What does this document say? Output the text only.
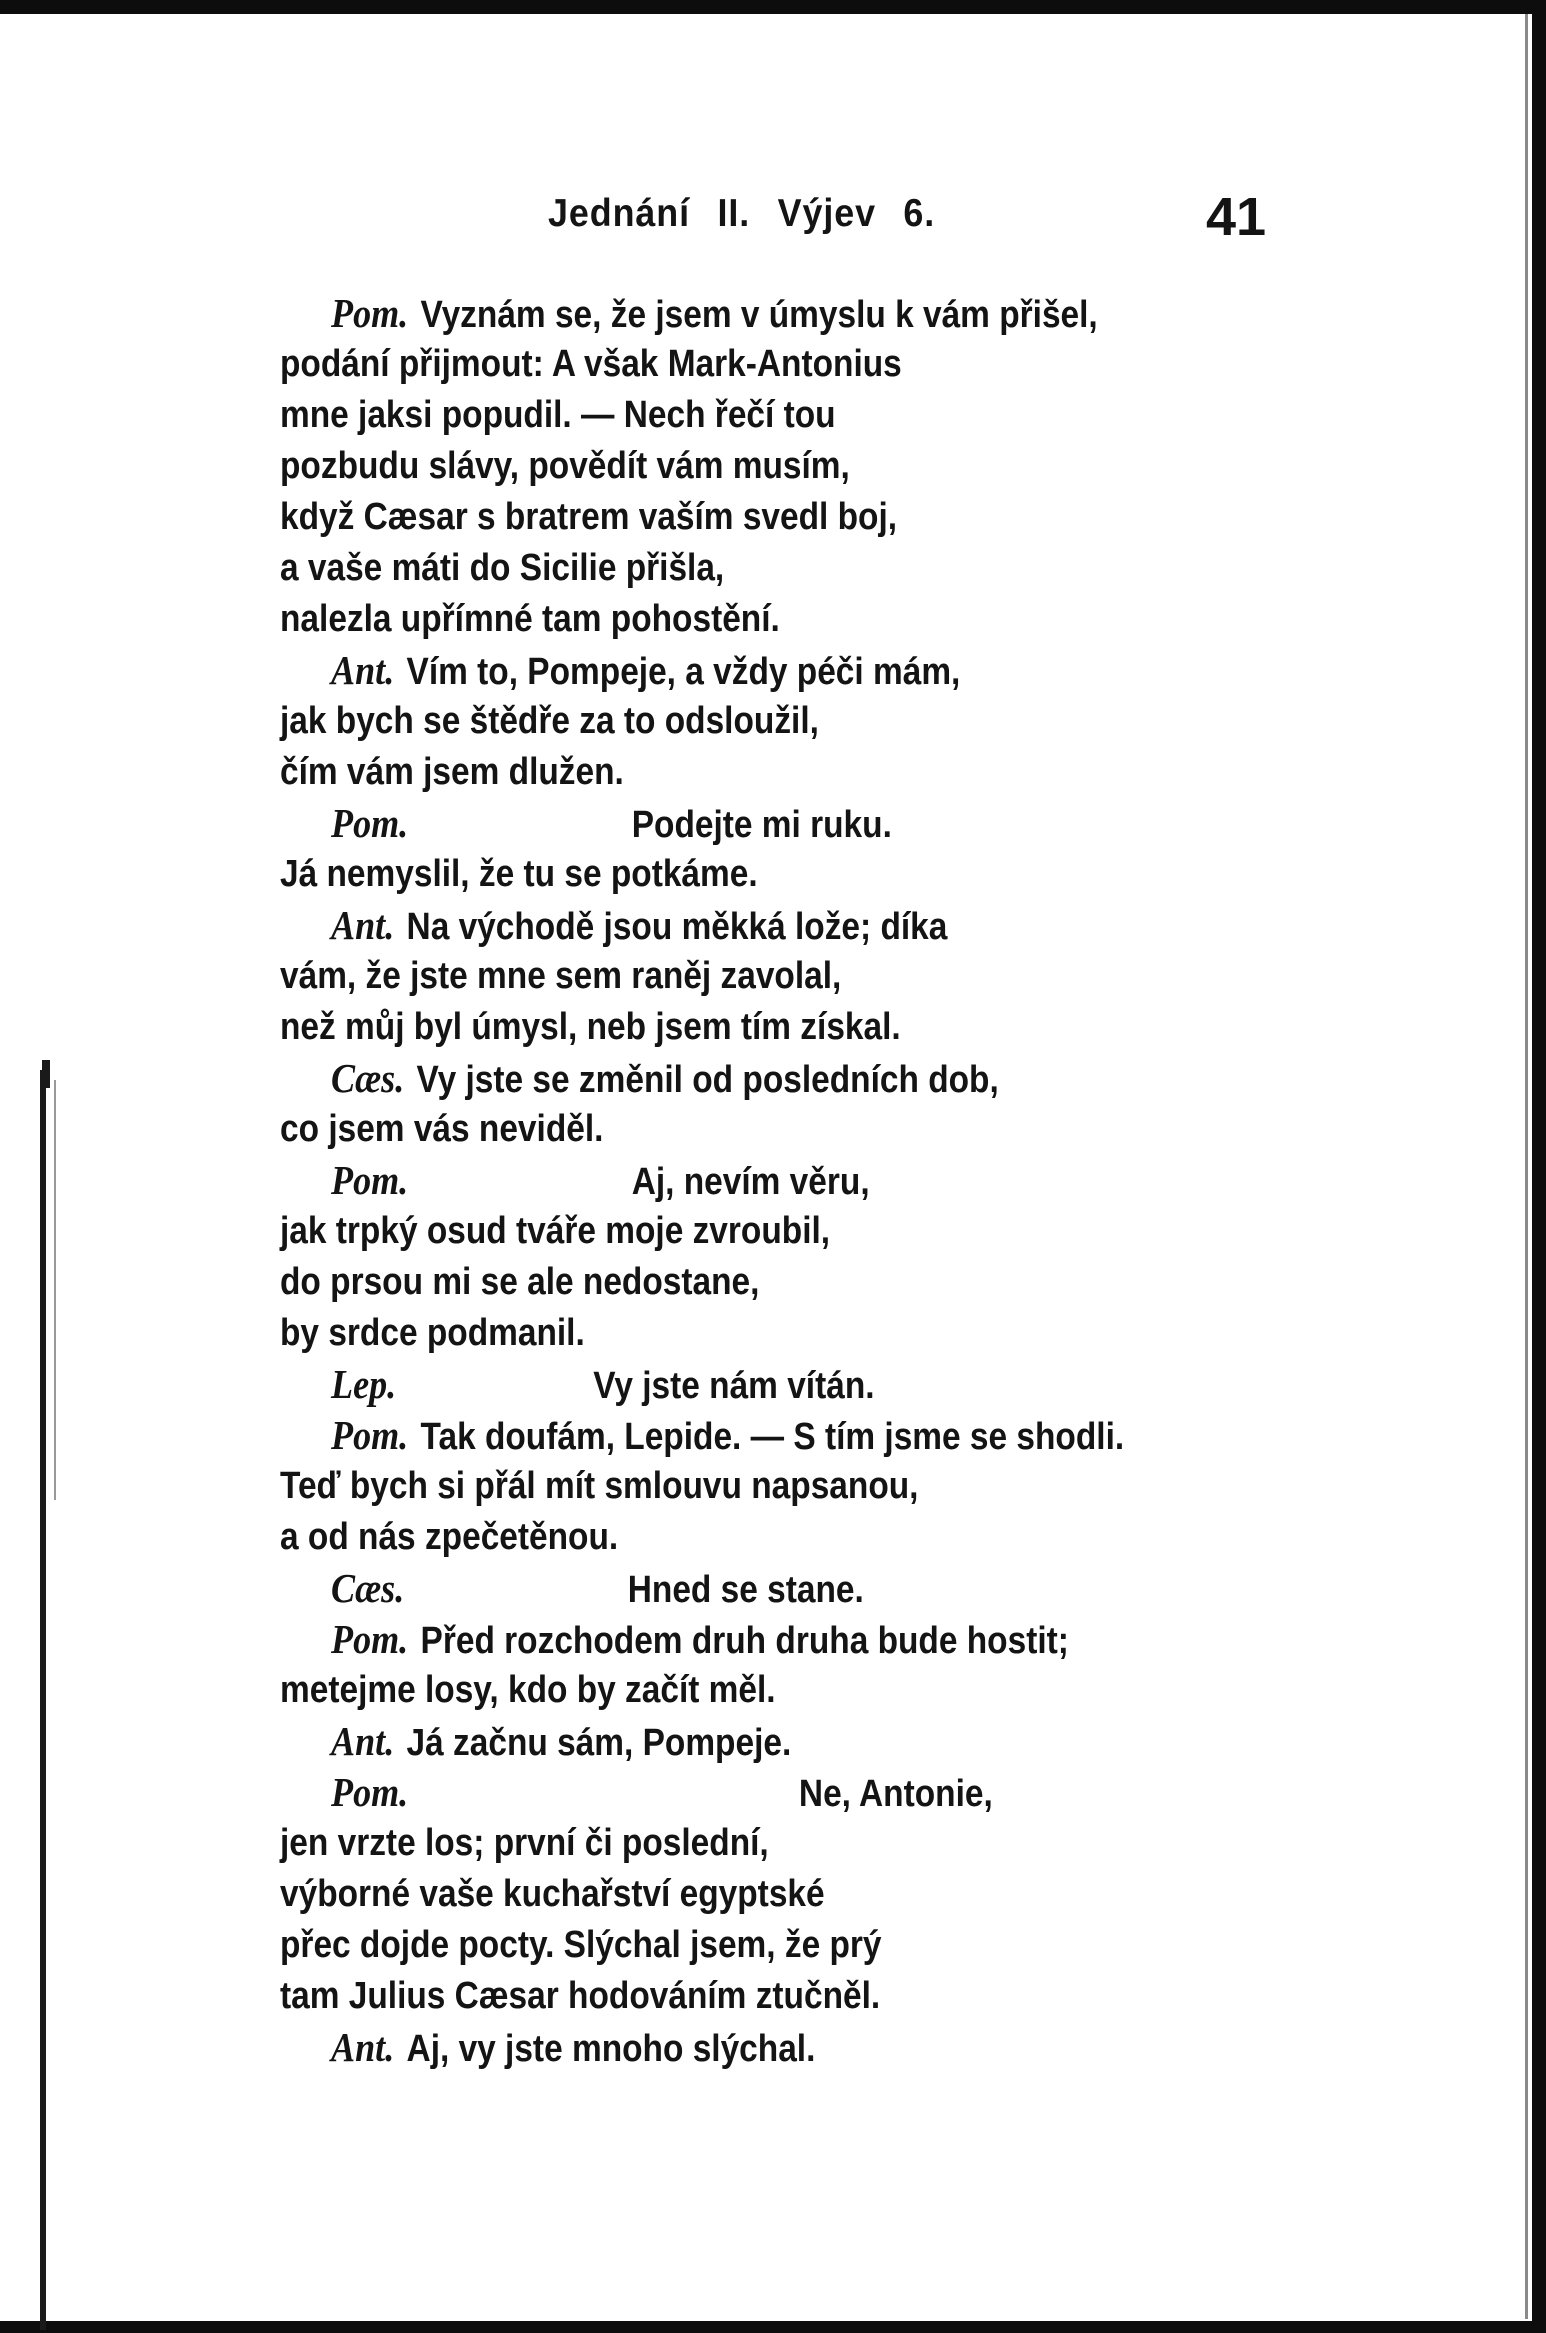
Jednání II. Výjev 6.	41
Pom. Vyznám se, že jsem v úmyslu k vám přišel,
podání přijmout: A však Mark-Antonius
mne jaksi popudil. — Nech řečí tou
pozbudu slávy, povědít vám musím,
když Cæsar s bratrem vaším svedl boj,
a vaše máti do Sicilie přišla,
nalezla upřímné tam pohostění.
Ant. Vím to, Pompeje, a vždy péči mám,
jak bych se štědře za to odsloužil,
čím vám jsem dlužen.
Pom.	Podejte mi ruku.
Já nemyslil, že tu se potkáme.
Ant. Na východě jsou měkká lože; díka
vám, že jste mne sem raněj zavolal,
než můj byl úmysl, neb jsem tím získal.
Cæs. Vy jste se změnil od posledních dob,
co jsem vás neviděl.
Pom.	Aj, nevím věru,
jak trpký osud tváře moje zvroubil,
do prsou mi se ale nedostane,
by srdce podmanil.
Lep.	Vy jste nám vítán.
Pom. Tak doufám, Lepide. — S tím jsme se shodli.
Teď bych si přál mít smlouvu napsanou,
a od nás zpečetěnou.
Cæs.	Hned se stane.
Pom. Před rozchodem druh druha bude hostit;
metejme losy, kdo by začít měl.
Ant. Já začnu sám, Pompeje.
Pom.	Ne, Antonie,
jen vrzte los; první či poslední,
výborné vaše kuchařství egyptské
přec dojde pocty. Slýchal jsem, že prý
tam Julius Cæsar hodováním ztučněl.
Ant. Aj, vy jste mnoho slýchal.
